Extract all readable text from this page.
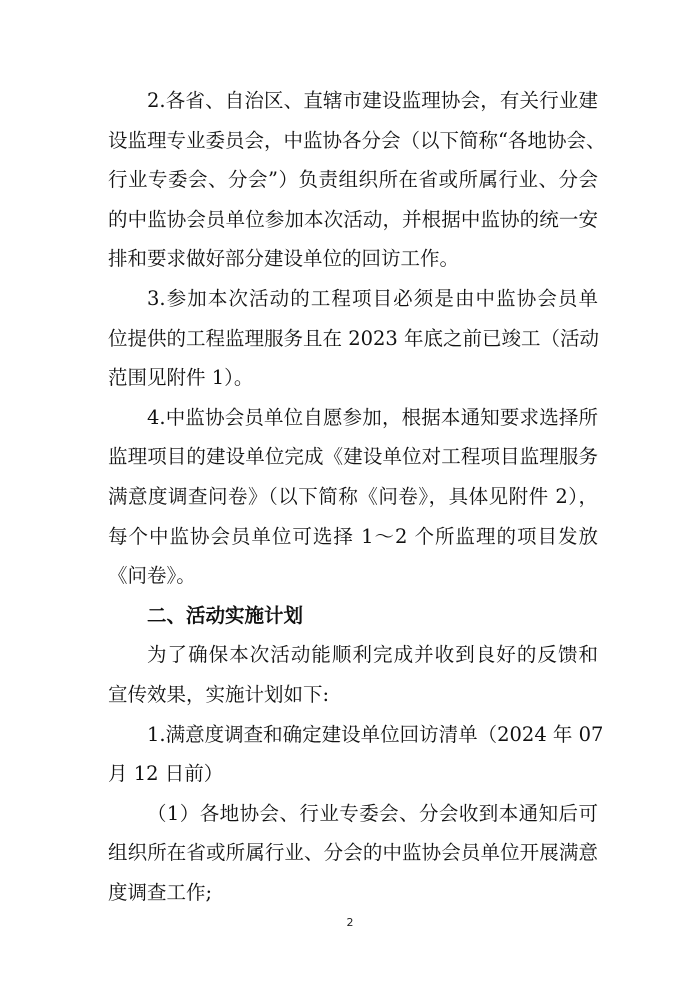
2.各省、自治区、直辖市建设监理协会，有关行业建
设监理专业委员会，中监协各分会（以下简称“各地协会、
行业专委会、分会”）负责组织所在省或所属行业、分会
的中监协会员单位参加本次活动，并根据中监协的统一安
排和要求做好部分建设单位的回访工作。
3.参加本次活动的工程项目必须是由中监协会员单
位提供的工程监理服务且在 2023 年底之前已竣工（活动
范围见附件 1）。
4.中监协会员单位自愿参加，根据本通知要求选择所
监理项目的建设单位完成《建设单位对工程项目监理服务
满意度调查问卷》（以下简称《问卷》，具体见附件 2），
每个中监协会员单位可选择 1～2 个所监理的项目发放
《问卷》。
二、活动实施计划
为了确保本次活动能顺利完成并收到良好的反馈和
宣传效果，实施计划如下:
1.满意度调查和确定建设单位回访清单（2024 年 07
月 12 日前）
（1）各地协会、行业专委会、分会收到本通知后可
组织所在省或所属行业、分会的中监协会员单位开展满意
度调查工作;
2
